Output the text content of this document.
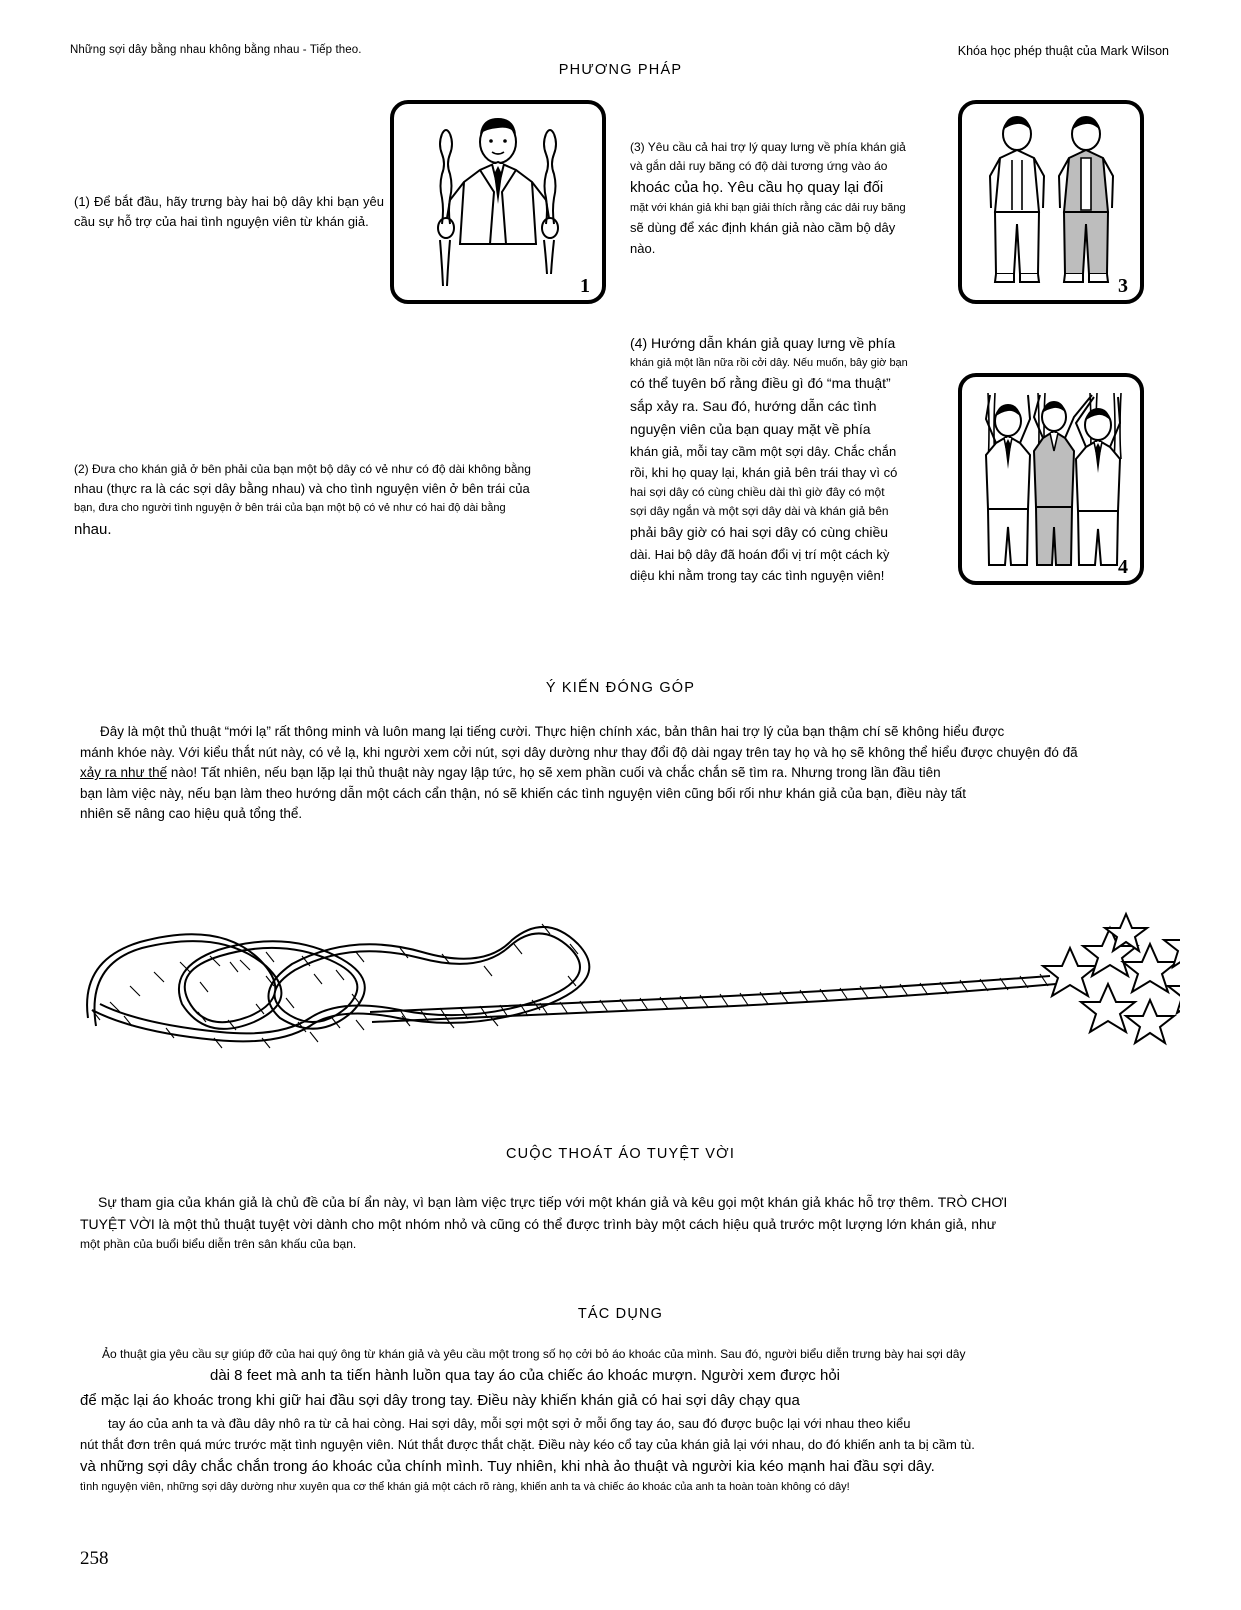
Những sợi dây bằng nhau không bằng nhau - Tiếp theo.	Khóa học phép thuật của Mark Wilson
PHƯƠNG PHÁP
1	3
4
(1) Để bắt đầu, hãy trưng bày hai bộ dây khi bạn yêu cầu sự hỗ trợ của hai tình nguyện viên từ khán giả.
(2) Đưa cho khán giả ở bên phải của bạn một bộ dây có vẻ như có độ dài không bằng
nhau (thực ra là các sợi dây bằng nhau) và cho tình nguyện viên ở bên trái của
bạn, đưa cho người tình nguyện ở bên trái của bạn một bộ có vẻ như có hai độ dài bằng
nhau.
(3) Yêu cầu cả hai trợ lý quay lưng về phía khán giả
và gắn dải ruy băng có độ dài tương ứng vào áo
khoác của họ. Yêu cầu họ quay lại đối
mặt với khán giả khi bạn giải thích rằng các dải ruy băng
sẽ dùng để xác định khán giả nào cầm bộ dây
nào.
(4) Hướng dẫn khán giả quay lưng về phía
khán giả một lần nữa rồi cởi dây. Nếu muốn, bây giờ bạn
có thể tuyên bố rằng điều gì đó “ma thuật”
sắp xảy ra. Sau đó, hướng dẫn các tình
nguyện viên của bạn quay mặt về phía
khán giả, mỗi tay cầm một sợi dây. Chắc chắn
rồi, khi họ quay lại, khán giả bên trái thay vì có
hai sợi dây có cùng chiều dài thì giờ đây có một
sợi dây ngắn và một sợi dây dài và khán giả bên
phải bây giờ có hai sợi dây có cùng chiều
dài. Hai bộ dây đã hoán đổi vị trí một cách kỳ
diệu khi nằm trong tay các tình nguyện viên!
Ý KIẾN ĐÓNG GÓP
Đây là một thủ thuật “mới lạ” rất thông minh và luôn mang lại tiếng cười. Thực hiện chính xác, bản thân hai trợ lý của bạn thậm chí sẽ không hiểu được
mánh khóe này. Với kiểu thắt nút này, có vẻ lạ, khi người xem cởi nút, sợi dây dường như thay đổi độ dài ngay trên tay họ và họ sẽ không thể hiểu được chuyện đó đã
xảy ra như thế nào! Tất nhiên, nếu bạn lặp lại thủ thuật này ngay lập tức, họ sẽ xem phần cuối và chắc chắn sẽ tìm ra. Nhưng trong lần đầu tiên
bạn làm việc này, nếu bạn làm theo hướng dẫn một cách cẩn thận, nó sẽ khiến các tình nguyện viên cũng bối rối như khán giả của bạn, điều này tất
nhiên sẽ nâng cao hiệu quả tổng thể.
CUỘC THOÁT ÁO TUYỆT VỜI
Sự tham gia của khán giả là chủ đề của bí ẩn này, vì bạn làm việc trực tiếp với một khán giả và kêu gọi một khán giả khác hỗ trợ thêm. TRÒ CHƠI
TUYỆT VỜI là một thủ thuật tuyệt vời dành cho một nhóm nhỏ và cũng có thể được trình bày một cách hiệu quả trước một lượng lớn khán giả, như
một phần của buổi biểu diễn trên sân khấu của bạn.
TÁC DỤNG
Ảo thuật gia yêu cầu sự giúp đỡ của hai quý ông từ khán giả và yêu cầu một trong số họ cởi bỏ áo khoác của mình. Sau đó, người biểu diễn trưng bày hai sợi dây
dài 8 feet mà anh ta tiến hành luồn qua tay áo của chiếc áo khoác mượn. Người xem được hỏi
để mặc lại áo khoác trong khi giữ hai đầu sợi dây trong tay. Điều này khiến khán giả có hai sợi dây chạy qua
tay áo của anh ta và đầu dây nhô ra từ cả hai còng. Hai sợi dây, mỗi sợi một sợi ở mỗi ống tay áo, sau đó được buộc lại với nhau theo kiểu
nút thắt đơn trên quá mức trước mặt tình nguyện viên. Nút thắt được thắt chặt. Điều này kéo cổ tay của khán giả lại với nhau, do đó khiến anh ta bị cầm tù.
và những sợi dây chắc chắn trong áo khoác của chính mình. Tuy nhiên, khi nhà ảo thuật và người kia kéo mạnh hai đầu sợi dây.
tình nguyện viên, những sợi dây dường như xuyên qua cơ thể khán giả một cách rõ ràng, khiến anh ta và chiếc áo khoác của anh ta hoàn toàn không có dây!
258
